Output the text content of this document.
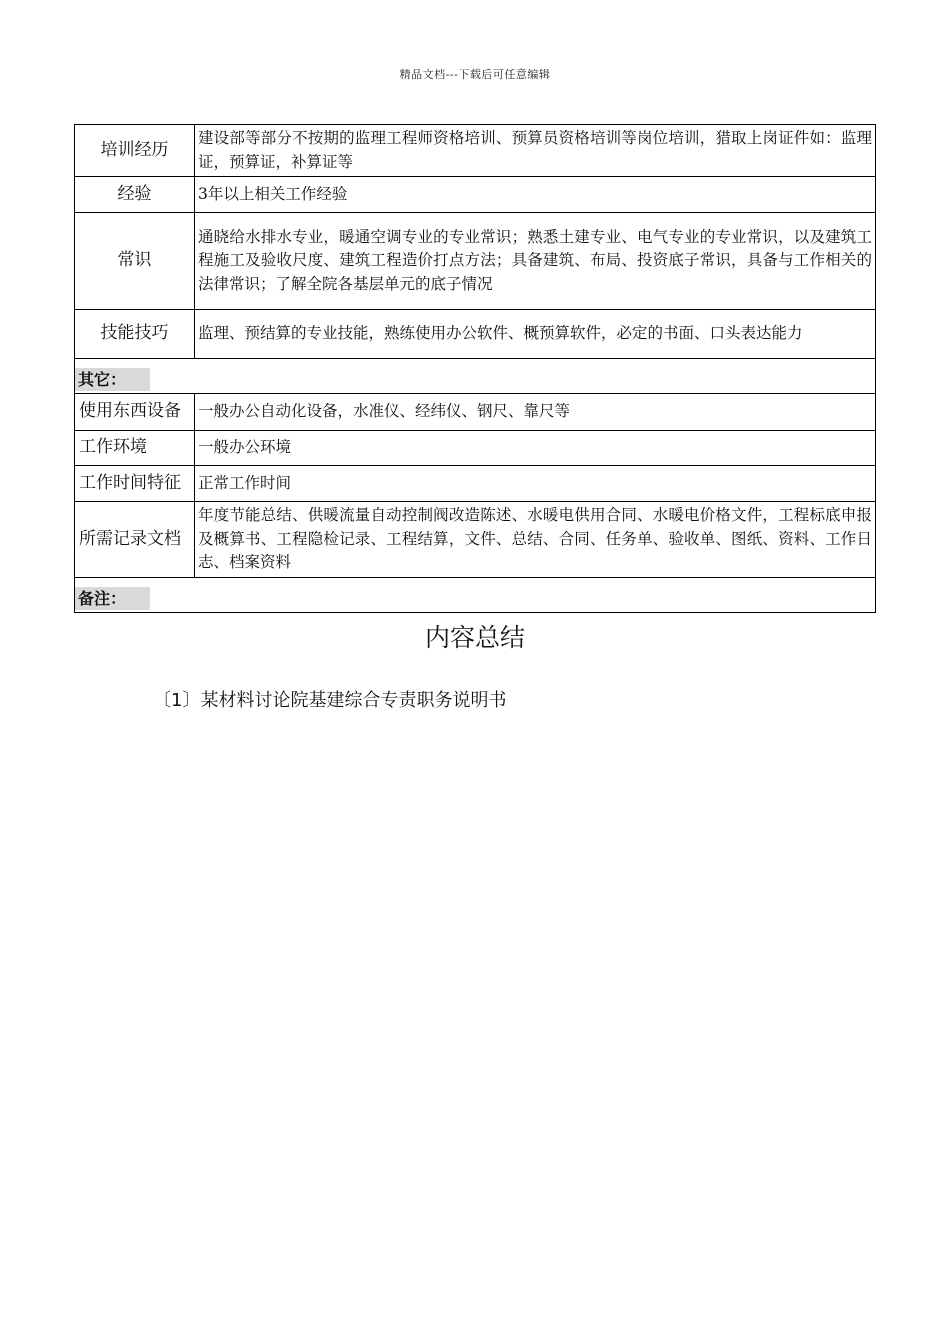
精品文档---下载后可任意编辑
培训经历	建设部等部分不按期的监理工程师资格培训、预算员资格培训等岗位培训，猎取上岗证件如：监理证，预算证，补算证等
经验	3年以上相关工作经验
常识	通晓给水排水专业，暖通空调专业的专业常识；熟悉土建专业、电气专业的专业常识，以及建筑工程施工及验收尺度、建筑工程造价打点方法；具备建筑、布局、投资底子常识，具备与工作相关的法律常识；了解全院各基层单元的底子情况
技能技巧	监理、预结算的专业技能，熟练使用办公软件、概预算软件，必定的书面、口头表达能力
其它：	
使用东西设备	一般办公自动化设备，水准仪、经纬仪、钢尺、靠尺等
工作环境	一般办公环境
工作时间特征	正常工作时间
所需记录文档	年度节能总结、供暖流量自动控制阀改造陈述、水暖电供用合同、水暖电价格文件，工程标底申报及概算书、工程隐检记录、工程结算，文件、总结、合同、任务单、验收单、图纸、资料、工作日志、档案资料
备注：	
内容总结
〔1〕某材料讨论院基建综合专责职务说明书
